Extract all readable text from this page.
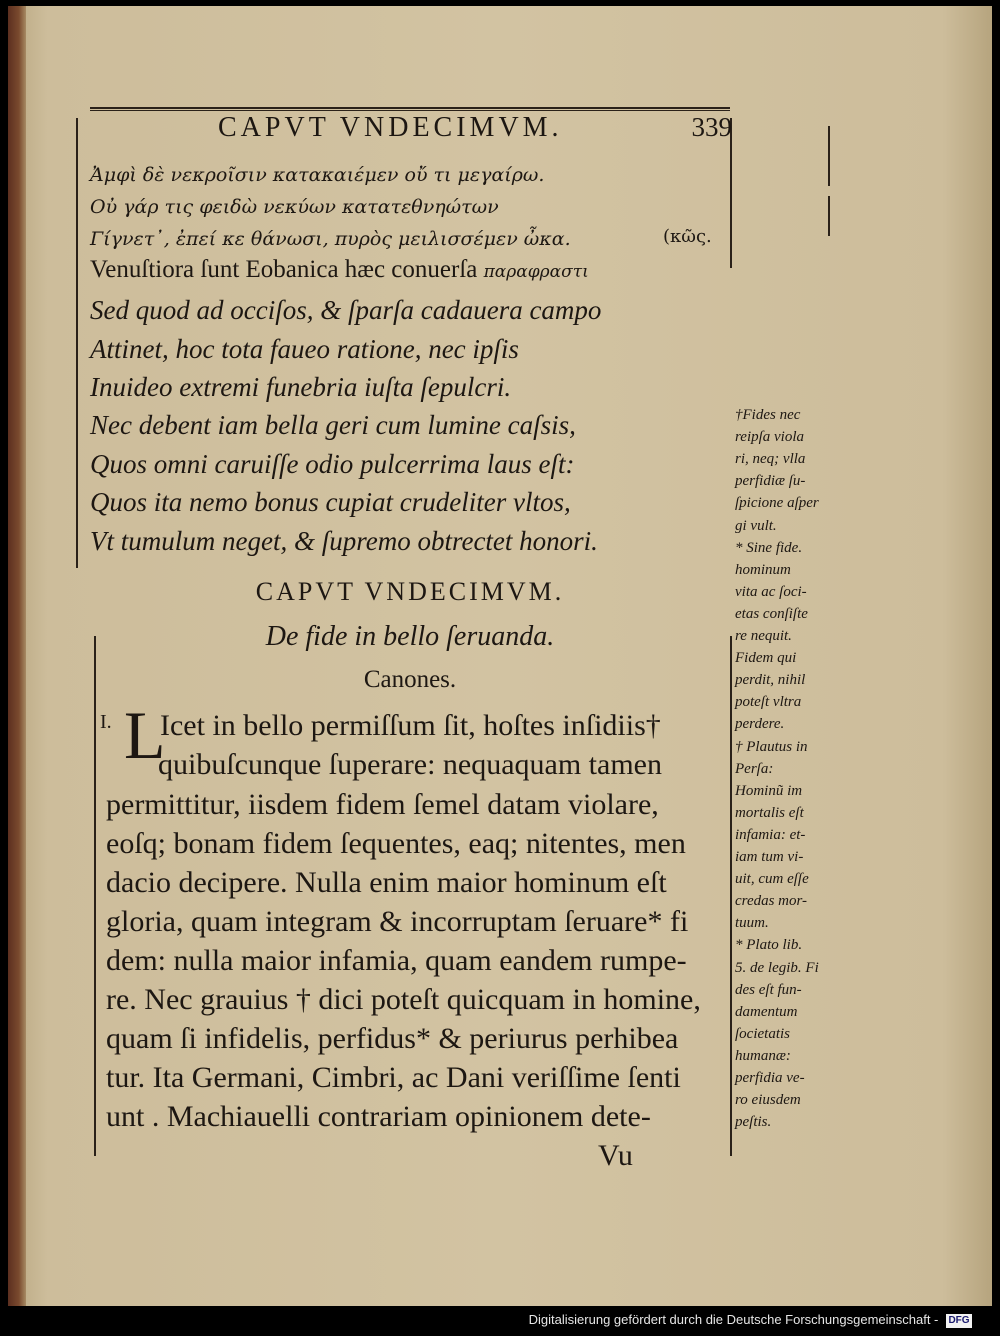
CAPVT VNDECIMVM.	339
Ἀμφὶ δὲ νεκροῖσιν κατακαιέμεν οὔ τι μεγαίρω.
Οὐ γάρ τις φειδὼ νεκύων κατατεθνηώτων
Γίγνετ᾽, ἐπεί κε θάνωσι, πυρὸς μειλισσέμεν ὦκα.	(κῶς.
Venuſtiora ſunt Eobanica hæc conuerſa παραφραστι
Sed quod ad occiſos, & ſparſa cadauera campo
Attinet, hoc tota faueo ratione, nec ipſis
Inuideo extremi funebria iuſta ſepulcri.
Nec debent iam bella geri cum lumine caſsis,
Quos omni caruiſſe odio pulcerrima laus eſt:
Quos ita nemo bonus cupiat crudeliter vltos,
Vt tumulum neget, & ſupremo obtrectet honori.
CAPVT VNDECIMVM.
De fide in bello ſeruanda.
Canones.
I. L
Icet in bello permiſſum ſit, hoſtes inſidiis†
quibuſcunque ſuperare: nequaquam tamen
permittitur, iisdem fidem ſemel datam violare,
eoſq; bonam fidem ſequentes, eaq; nitentes, men
dacio decipere. Nulla enim maior hominum eſt
gloria, quam integram & incorruptam ſeruare* fi
dem: nulla maior infamia, quam eandem rumpe-
re. Nec grauius † dici poteſt quicquam in homine,
quam ſi infidelis, perfidus* & periurus perhibea
tur. Ita Germani, Cimbri, ac Dani veriſſime ſenti
unt . Machiauelli contrariam opinionem dete-
Vu
†Fides nec
reipſa viola
ri, neq; vlla
perfidiæ ſu-
ſpicione aſper
gi vult.
* Sine fide.
hominum
vita ac ſoci-
etas conſiſte
re nequit.
Fidem qui
perdit, nihil
poteſt vltra
perdere.
† Plautus in
Perſa:
Hominũ im
mortalis eſt
infamia: et-
iam tum vi-
uit, cum eſſe
credas mor-
tuum.
* Plato lib.
5. de legib. Fi
des eſt fun-
damentum
ſocietatis
humanæ:
perfidia ve-
ro eiusdem
peſtis.
Digitalisierung gefördert durch die Deutsche Forschungsgemeinschaft - DFG
